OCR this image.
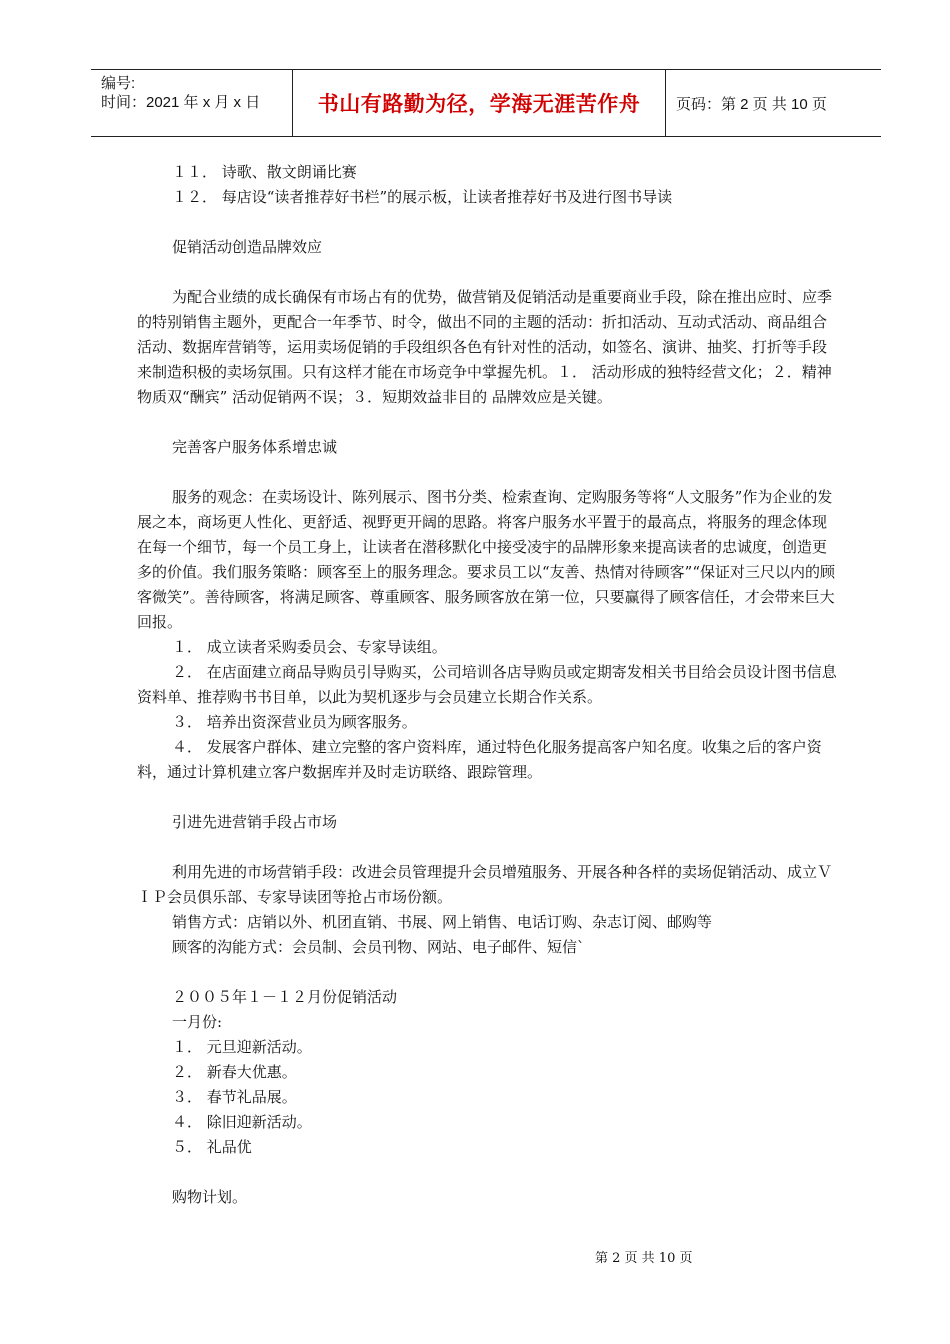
编号:
时间：2021 年 x 月 x 日	书山有路勤为径，学海无涯苦作舟	页码：第 2 页 共 10 页

１１． 诗歌、散文朗诵比赛

１２． 每店设“读者推荐好书栏”的展示板，让读者推荐好书及进行图书导读

促销活动创造品牌效应

为配合业绩的成长确保有市场占有的优势，做营销及促销活动是重要商业手段，除在推出应时、应季的特别销售主题外，更配合一年季节、时令，做出不同的主题的活动：折扣活动、互动式活动、商品组合活动、数据库营销等，运用卖场促销的手段组织各色有针对性的活动，如签名、演讲、抽奖、打折等手段来制造积极的卖场氛围。只有这样才能在市场竞争中掌握先机。１． 活动形成的独特经营文化；２．精神物质双“酬宾” 活动促销两不误；３．短期效益非目的 品牌效应是关键。

完善客户服务体系增忠诚

服务的观念：在卖场设计、陈列展示、图书分类、检索查询、定购服务等将“人文服务”作为企业的发展之本，商场更人性化、更舒适、视野更开阔的思路。将客户服务水平置于的最高点，将服务的理念体现在每一个细节，每一个员工身上，让读者在潜移默化中接受凌宇的品牌形象来提高读者的忠诚度，创造更多的价值。我们服务策略：顾客至上的服务理念。要求员工以“友善、热情对待顾客”“保证对三尺以内的顾客微笑”。善待顾客，将满足顾客、尊重顾客、服务顾客放在第一位，只要赢得了顾客信任，才会带来巨大回报。

１． 成立读者采购委员会、专家导读组。

２． 在店面建立商品导购员引导购买，公司培训各店导购员或定期寄发相关书目给会员设计图书信息资料单、推荐购书书目单，以此为契机逐步与会员建立长期合作关系。

３． 培养出资深营业员为顾客服务。

４． 发展客户群体、建立完整的客户资料库，通过特色化服务提高客户知名度。收集之后的客户资料，通过计算机建立客户数据库并及时走访联络、跟踪管理。

引进先进营销手段占市场

利用先进的市场营销手段：改进会员管理提升会员增殖服务、开展各种各样的卖场促销活动、成立ＶＩＰ会员俱乐部、专家导读团等抢占市场份额。

销售方式：店销以外、机团直销、书展、网上销售、电话订购、杂志订阅、邮购等

顾客的沟能方式：会员制、会员刊物、网站、电子邮件、短信`

２００５年１－１２月份促销活动

一月份:

１． 元旦迎新活动。

２． 新春大优惠。

３． 春节礼品展。

４． 除旧迎新活动。

５． 礼品优

购物计划。

第 2 页 共 10 页
